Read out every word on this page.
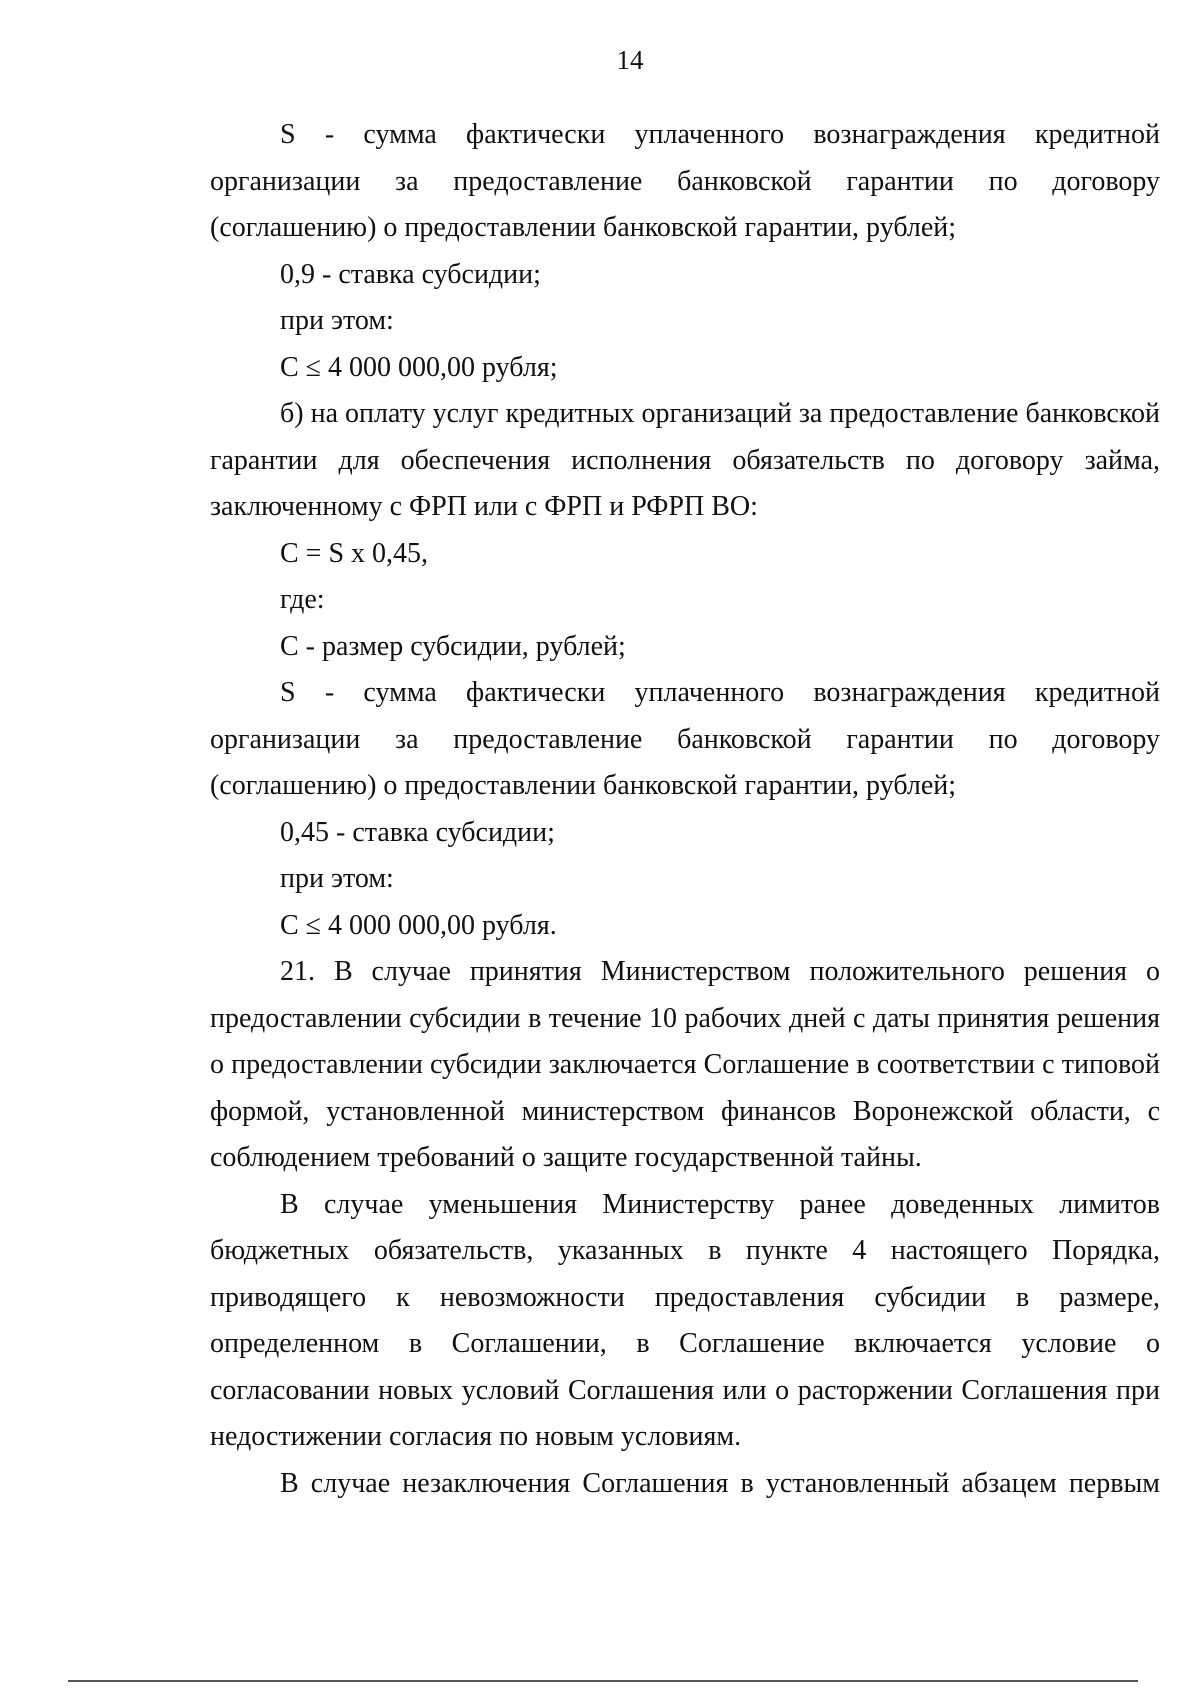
14

S - сумма фактически уплаченного вознаграждения кредитной организации за предоставление банковской гарантии по договору (соглашению) о предоставлении банковской гарантии, рублей;

0,9 - ставка субсидии;

при этом:

С ≤ 4 000 000,00 рубля;

б) на оплату услуг кредитных организаций за предоставление банковской гарантии для обеспечения исполнения обязательств по договору займа, заключенному с ФРП или с ФРП и РФРП ВО:

С = S x 0,45,

где:

С - размер субсидии, рублей;

S - сумма фактически уплаченного вознаграждения кредитной организации за предоставление банковской гарантии по договору (соглашению) о предоставлении банковской гарантии, рублей;

0,45 - ставка субсидии;

при этом:

С ≤ 4 000 000,00 рубля.

21. В случае принятия Министерством положительного решения о предоставлении субсидии в течение 10 рабочих дней с даты принятия решения о предоставлении субсидии заключается Соглашение в соответствии с типовой формой, установленной министерством финансов Воронежской области, с соблюдением требований о защите государственной тайны.

В случае уменьшения Министерству ранее доведенных лимитов бюджетных обязательств, указанных в пункте 4 настоящего Порядка, приводящего к невозможности предоставления субсидии в размере, определенном в Соглашении, в Соглашение включается условие о согласовании новых условий Соглашения или о расторжении Соглашения при недостижении согласия по новым условиям.

В случае незаключения Соглашения в установленный абзацем первым
